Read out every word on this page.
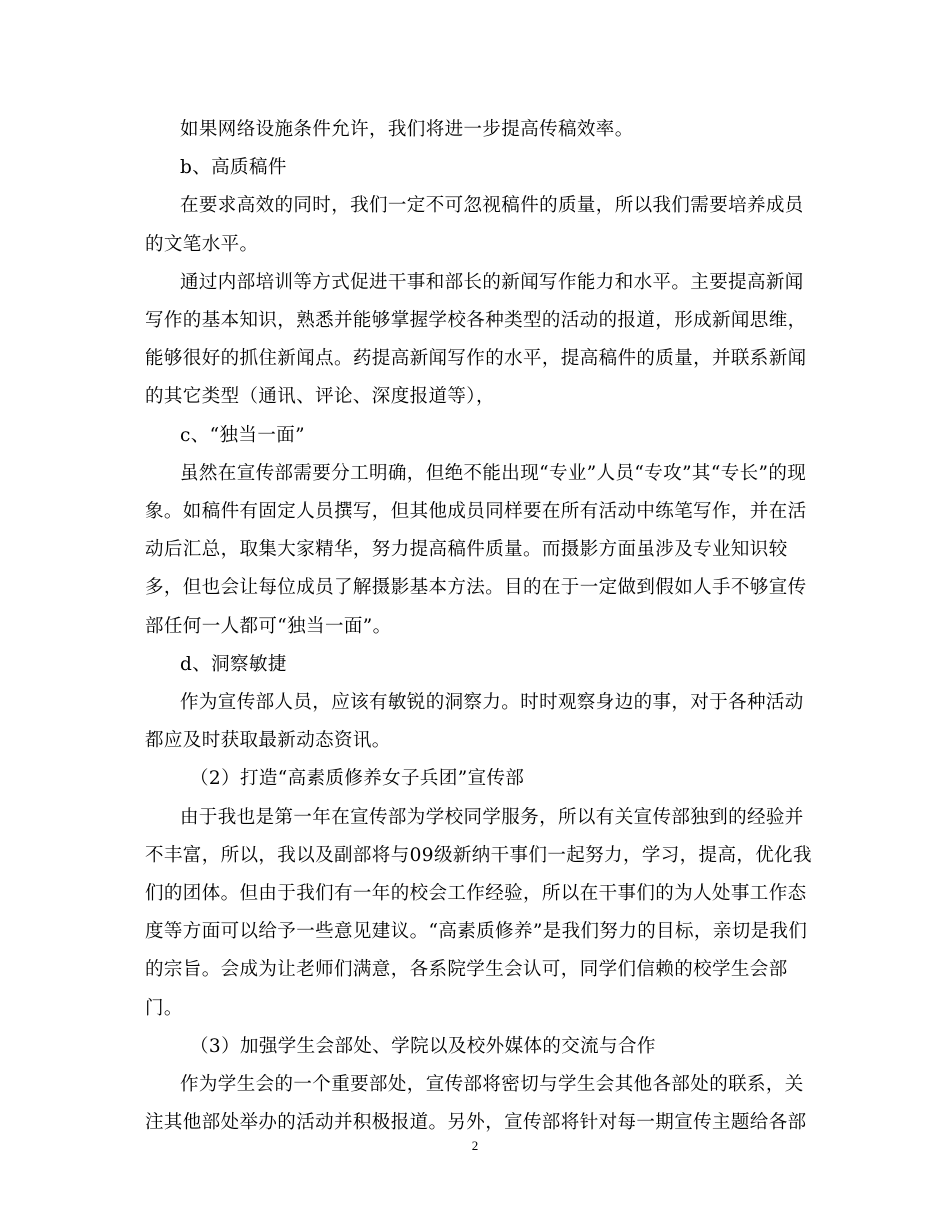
如果网络设施条件允许，我们将进一步提高传稿效率。
b、高质稿件
在要求高效的同时，我们一定不可忽视稿件的质量，所以我们需要培养成员
的文笔水平。
通过内部培训等方式促进干事和部长的新闻写作能力和水平。主要提高新闻
写作的基本知识，熟悉并能够掌握学校各种类型的活动的报道，形成新闻思维，
能够很好的抓住新闻点。药提高新闻写作的水平，提高稿件的质量，并联系新闻
的其它类型（通讯、评论、深度报道等），
c、“独当一面”
虽然在宣传部需要分工明确，但绝不能出现“专业”人员“专攻”其“专长”的现
象。如稿件有固定人员撰写，但其他成员同样要在所有活动中练笔写作，并在活
动后汇总，取集大家精华，努力提高稿件质量。而摄影方面虽涉及专业知识较
多，但也会让每位成员了解摄影基本方法。目的在于一定做到假如人手不够宣传
部任何一人都可“独当一面”。
d、洞察敏捷
作为宣传部人员，应该有敏锐的洞察力。时时观察身边的事，对于各种活动
都应及时获取最新动态资讯。
（2）打造“高素质修养女子兵团”宣传部
由于我也是第一年在宣传部为学校同学服务，所以有关宣传部独到的经验并
不丰富，所以，我以及副部将与09级新纳干事们一起努力，学习，提高，优化我
们的团体。但由于我们有一年的校会工作经验，所以在干事们的为人处事工作态
度等方面可以给予一些意见建议。“高素质修养”是我们努力的目标，亲切是我们
的宗旨。会成为让老师们满意，各系院学生会认可，同学们信赖的校学生会部
门。
（3）加强学生会部处、学院以及校外媒体的交流与合作
作为学生会的一个重要部处，宣传部将密切与学生会其他各部处的联系，关
注其他部处举办的活动并积极报道。另外，宣传部将针对每一期宣传主题给各部
2
